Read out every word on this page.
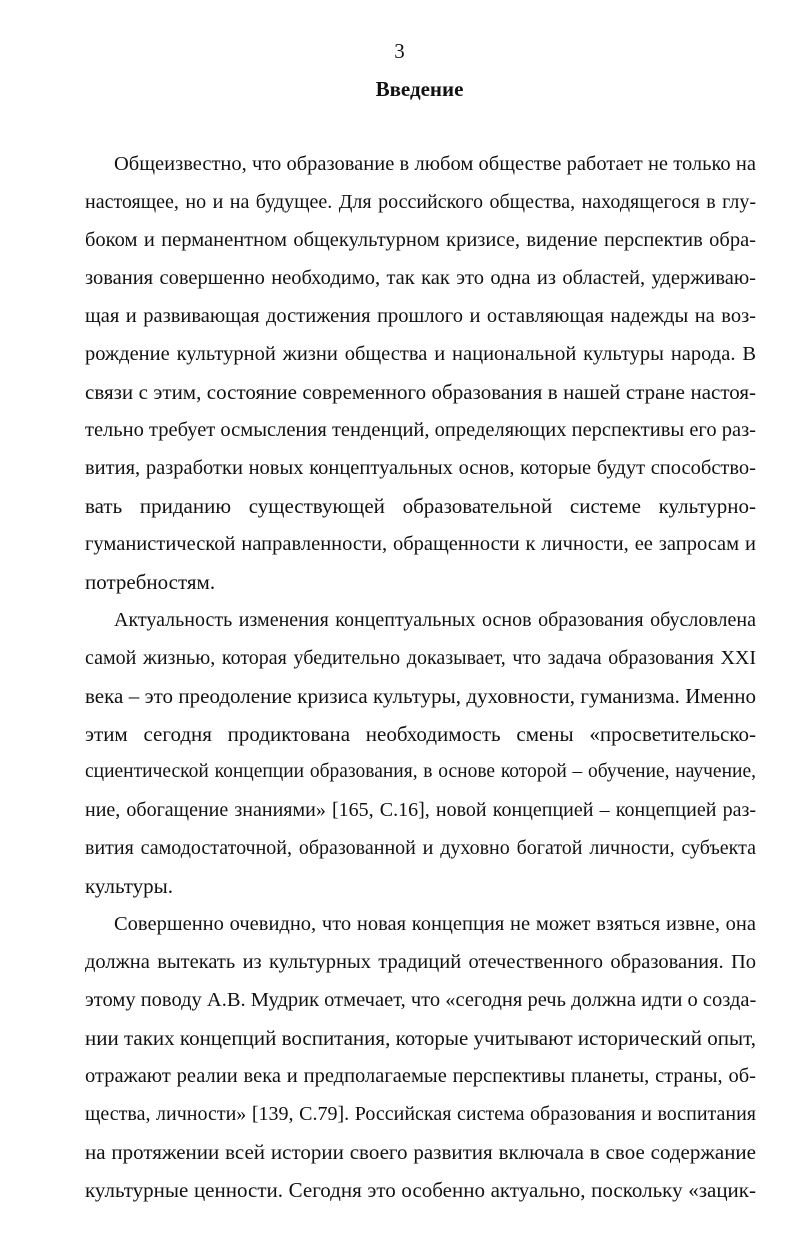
3
Введение
Общеизвестно, что образование в любом обществе работает не только на
настоящее, но и на будущее. Для российского общества, находящегося в глу-
боком и перманентном общекультурном кризисе, видение перспектив обра-
зования совершенно необходимо, так как это одна из областей, удерживаю-
щая и развивающая достижения прошлого и оставляющая надежды на воз-
рождение культурной жизни общества и национальной культуры народа. В
связи с этим, состояние современного образования в нашей стране настоя-
тельно требует осмысления тенденций, определяющих перспективы его раз-
вития, разработки новых концептуальных основ, которые будут способство-
вать приданию существующей образовательной системе культурно-
гуманистической направленности, обращенности к личности, ее запросам и
потребностям.
Актуальность изменения концептуальных основ образования обусловлена
самой жизнью, которая убедительно доказывает, что задача образования XXI
века – это преодоление кризиса культуры, духовности, гуманизма. Именно
этим сегодня продиктована необходимость смены «просветительско-
сциентической концепции образования, в основе которой – обучение, научение,
ние, обогащение знаниями» [165, С.16], новой концепцией – концепцией раз-
вития самодостаточной, образованной и духовно богатой личности, субъекта
культуры.
Совершенно очевидно, что новая концепция не может взяться извне, она
должна вытекать из культурных традиций отечественного образования. По
этому поводу А.В. Мудрик отмечает, что «сегодня речь должна идти о созда-
нии таких концепций воспитания, которые учитывают исторический опыт,
отражают реалии века и предполагаемые перспективы планеты, страны, об-
щества, личности» [139, С.79]. Российская система образования и воспитания
на протяжении всей истории своего развития включала в свое содержание
культурные ценности. Сегодня это особенно актуально, поскольку «зацик-
